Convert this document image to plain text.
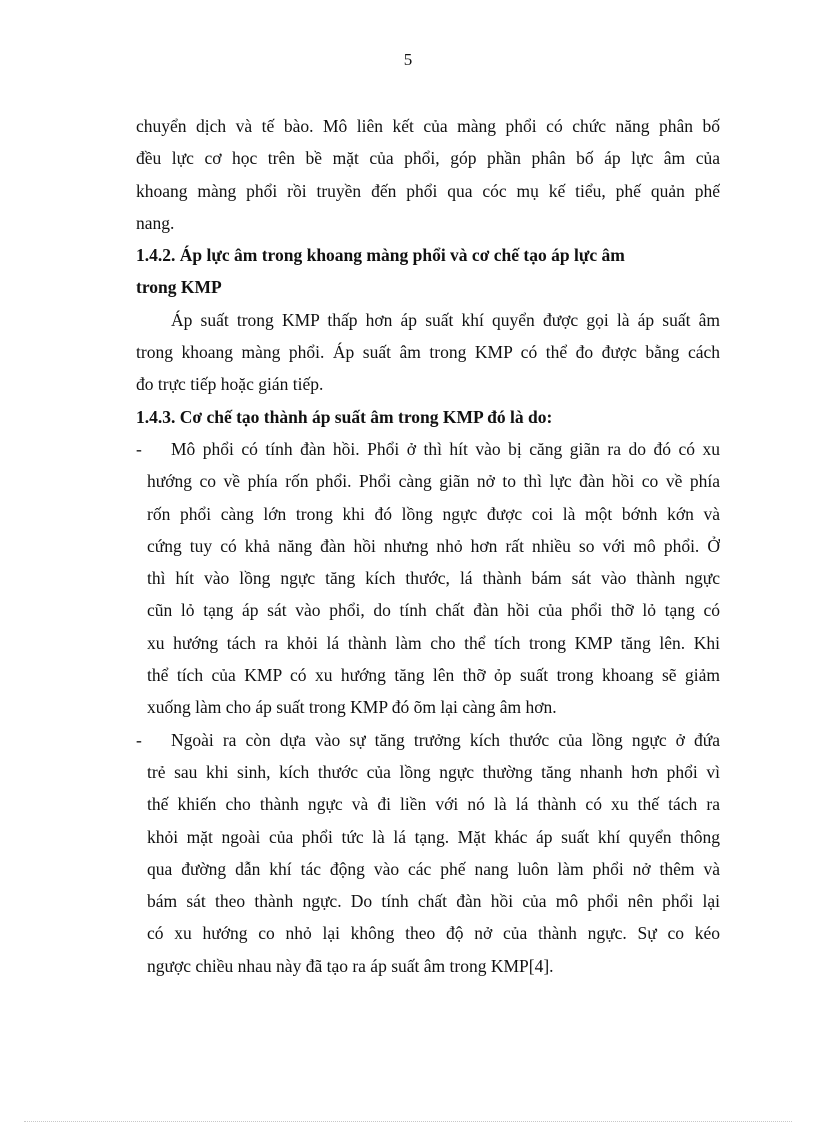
5
chuyển dịch và tế bào. Mô liên kết của màng phổi có chức năng phân bố
đều lực cơ học trên bề mặt của phổi, góp phần phân bố áp lực âm của
khoang màng phổi rồi truyền đến phổi qua cóc mụ kế tiểu, phế quản phế
nang.
1.4.2. Áp lực âm trong khoang màng phổi và cơ chế tạo áp lực âm
trong KMP
Áp suất trong KMP thấp hơn áp suất khí quyển được gọi là áp suất âm
trong khoang màng phổi. Áp suất âm trong KMP có thể đo được bằng cách
đo trực tiếp hoặc gián tiếp.
1.4.3. Cơ chế tạo thành áp suất âm trong KMP đó là do:
- Mô phổi có tính đàn hồi. Phổi ở thì hít vào bị căng giãn ra do đó có xu
hướng co về phía rốn phổi. Phổi càng giãn nở to thì lực đàn hồi co về phía
rốn phổi càng lớn trong khi đó lồng ngực được coi là một bớnh kớn và
cứng tuy có khả năng đàn hồi nhưng nhỏ hơn rất nhiều so với mô phổi. Ở
thì hít vào lồng ngực tăng kích thước, lá thành bám sát vào thành ngực
cũn lỏ tạng áp sát vào phổi, do tính chất đàn hồi của phổi thỡ lỏ tạng có
xu hướng tách ra khỏi lá thành làm cho thể tích trong KMP tăng lên. Khi
thể tích của KMP có xu hướng tăng lên thỡ ỏp suất trong khoang sẽ giảm
xuống làm cho áp suất trong KMP đó õm lại càng âm hơn.
- Ngoài ra còn dựa vào sự tăng trưởng kích thước của lồng ngực ở đứa
trẻ sau khi sinh, kích thước của lồng ngực thường tăng nhanh hơn phổi vì
thế khiến cho thành ngực và đi liền với nó là lá thành có xu thế tách ra
khỏi mặt ngoài của phổi tức là lá tạng. Mặt khác áp suất khí quyển thông
qua đường dẫn khí tác động vào các phế nang luôn làm phổi nở thêm và
bám sát theo thành ngực. Do tính chất đàn hồi của mô phổi nên phổi lại
có xu hướng co nhỏ lại không theo độ nở của thành ngực. Sự co kéo
ngược chiều nhau này đã tạo ra áp suất âm trong KMP[4].
